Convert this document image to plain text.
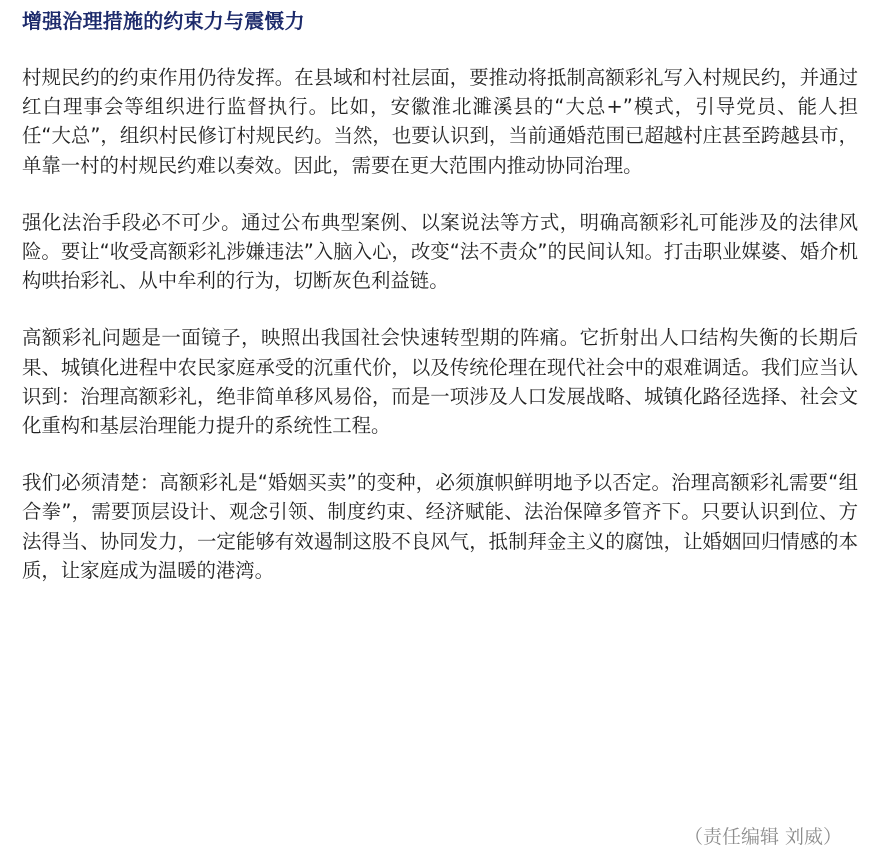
增强治理措施的约束力与震慑力

村规民约的约束作用仍待发挥。在县域和村社层面，要推动将抵制高额彩礼写入村规民约，并通过红白理事会等组织进行监督执行。比如，安徽淮北濉溪县的“大总+”模式，引导党员、能人担任“大总”，组织村民修订村规民约。当然，也要认识到，当前通婚范围已超越村庄甚至跨越县市，单靠一村的村规民约难以奏效。因此，需要在更大范围内推动协同治理。

强化法治手段必不可少。通过公布典型案例、以案说法等方式，明确高额彩礼可能涉及的法律风险。要让“收受高额彩礼涉嫌违法”入脑入心，改变“法不责众”的民间认知。打击职业媒婆、婚介机构哄抬彩礼、从中牟利的行为，切断灰色利益链。

高额彩礼问题是一面镜子，映照出我国社会快速转型期的阵痛。它折射出人口结构失衡的长期后果、城镇化进程中农民家庭承受的沉重代价，以及传统伦理在现代社会中的艰难调适。我们应当认识到：治理高额彩礼，绝非简单移风易俗，而是一项涉及人口发展战略、城镇化路径选择、社会文化重构和基层治理能力提升的系统性工程。

我们必须清楚：高额彩礼是“婚姻买卖”的变种，必须旗帜鲜明地予以否定。治理高额彩礼需要“组合拳”，需要顶层设计、观念引领、制度约束、经济赋能、法治保障多管齐下。只要认识到位、方法得当、协同发力，一定能够有效遏制这股不良风气，抵制拜金主义的腐蚀，让婚姻回归情感的本质，让家庭成为温暖的港湾。

（责任编辑 刘威）
